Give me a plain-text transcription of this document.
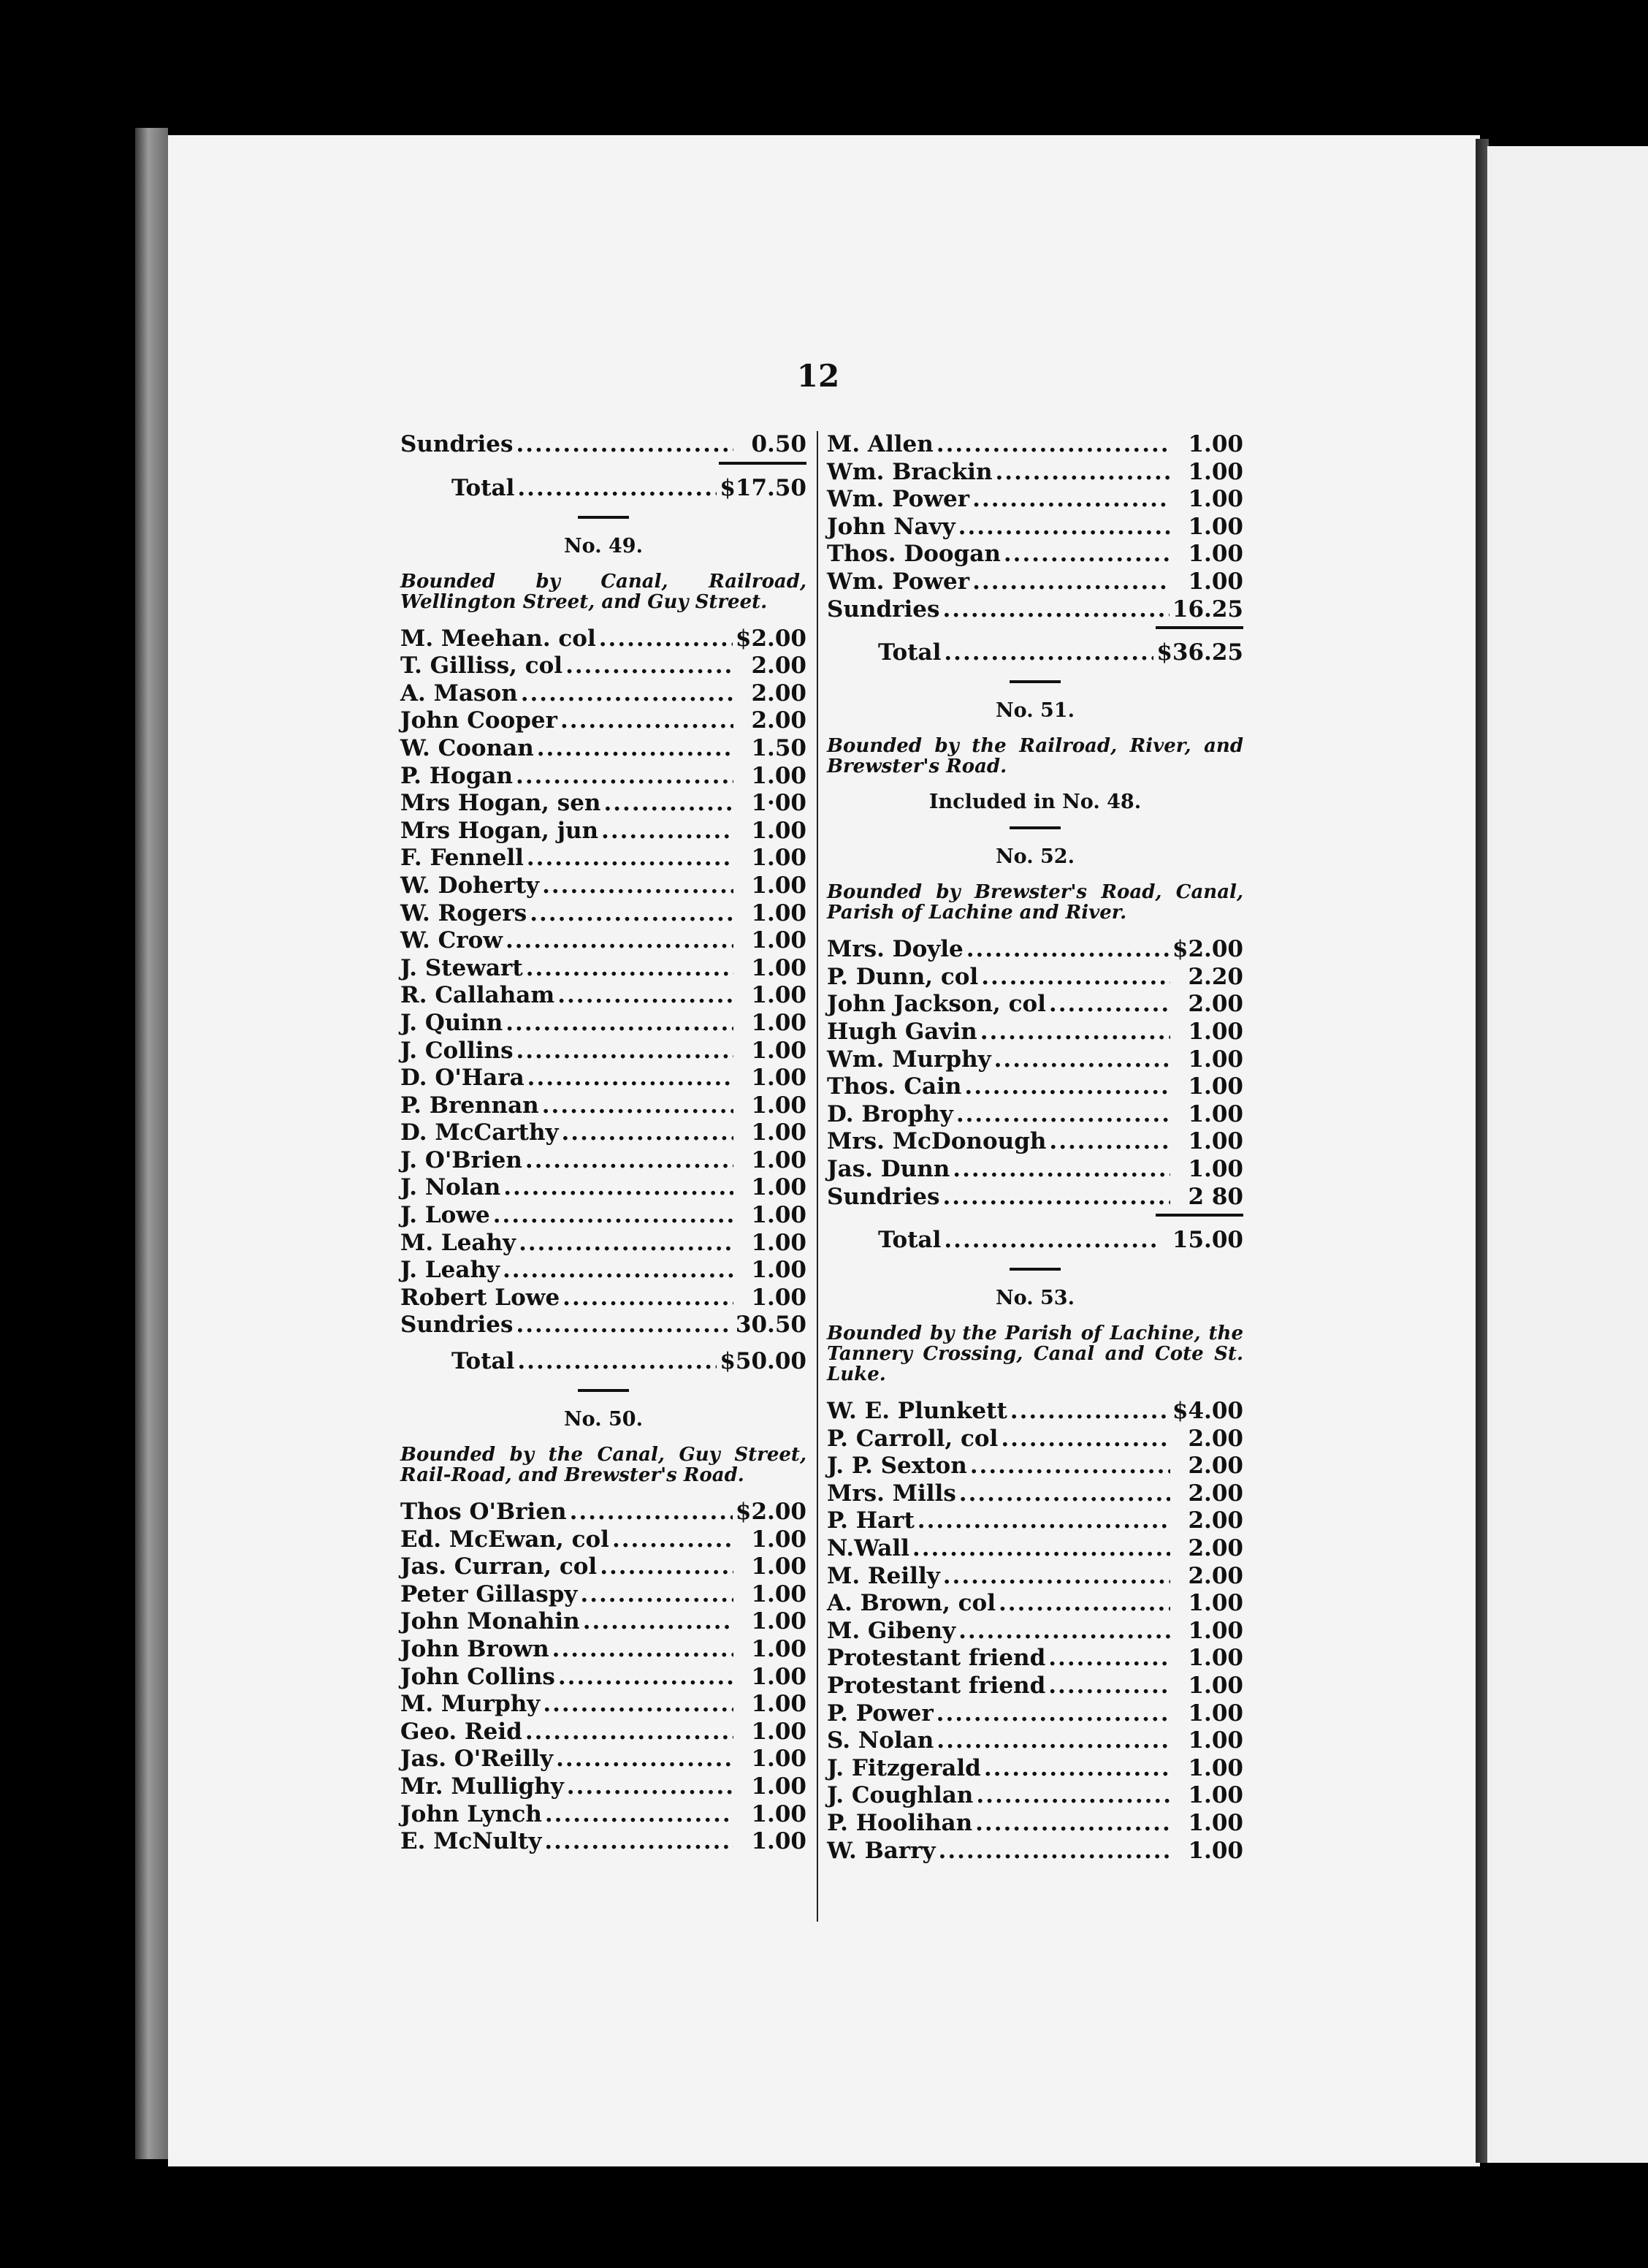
12
Sundries .....	0.50
Total .....	$17.50
No. 49.
Bounded by Canal, Railroad, Wellington Street, and Guy Street.
M. Meehan. col .....	$2.00
T. Gilliss, col .....	2.00
A. Mason .....	2.00
John Cooper .....	2.00
W. Coonan .....	1.50
P. Hogan .....	1.00
Mrs Hogan, sen .....	1·00
Mrs Hogan, jun .....	1.00
F. Fennell .....	1.00
W. Doherty .....	1.00
W. Rogers .....	1.00
W. Crow .....	1.00
J. Stewart .....	1.00
R. Callaham .....	1.00
J. Quinn .....	1.00
J. Collins .....	1.00
D. O'Hara .....	1.00
P. Brennan .....	1.00
D. McCarthy .....	1.00
J. O'Brien .....	1.00
J. Nolan .....	1.00
J. Lowe .....	1.00
M. Leahy .....	1.00
J. Leahy .....	1.00
Robert Lowe .....	1.00
Sundries .....	30.50
Total .....	$50.00
No. 50.
Bounded by the Canal, Guy Street, Rail-Road, and Brewster's Road.
Thos O'Brien .....	$2.00
Ed. McEwan, col .....	1.00
Jas. Curran, col .....	1.00
Peter Gillaspy .....	1.00
John Monahin .....	1.00
John Brown .....	1.00
John Collins .....	1.00
M. Murphy .....	1.00
Geo. Reid .....	1.00
Jas. O'Reilly .....	1.00
Mr. Mullighy .....	1.00
John Lynch .....	1.00
E. McNulty .....	1.00
M. Allen .....	1.00
Wm. Brackin .....	1.00
Wm. Power .....	1.00
John Navy .....	1.00
Thos. Doogan .....	1.00
Wm. Power .....	1.00
Sundries .....	16.25
Total .....	$36.25
No. 51.
Bounded by the Railroad, River, and Brewster's Road.
Included in No. 48.
No. 52.
Bounded by Brewster's Road, Canal, Parish of Lachine and River.
Mrs. Doyle .....	$2.00
P. Dunn, col .....	2.20
John Jackson, col .....	2.00
Hugh Gavin .....	1.00
Wm. Murphy .....	1.00
Thos. Cain .....	1.00
D. Brophy .....	1.00
Mrs. McDonough .....	1.00
Jas. Dunn .....	1.00
Sundries .....	2 80
Total .....	15.00
No. 53.
Bounded by the Parish of Lachine, the Tannery Crossing, Canal and Cote St. Luke.
W. E. Plunkett .....	$4.00
P. Carroll, col .....	2.00
J. P. Sexton .....	2.00
Mrs. Mills .....	2.00
P. Hart .....	2.00
N.Wall .....	2.00
M. Reilly .....	2.00
A. Brown, col .....	1.00
M. Gibeny .....	1.00
Protestant friend .....	1.00
Protestant friend .....	1.00
P. Power .....	1.00
S. Nolan .....	1.00
J. Fitzgerald .....	1.00
J. Coughlan .....	1.00
P. Hoolihan .....	1.00
W. Barry .....	1.00
